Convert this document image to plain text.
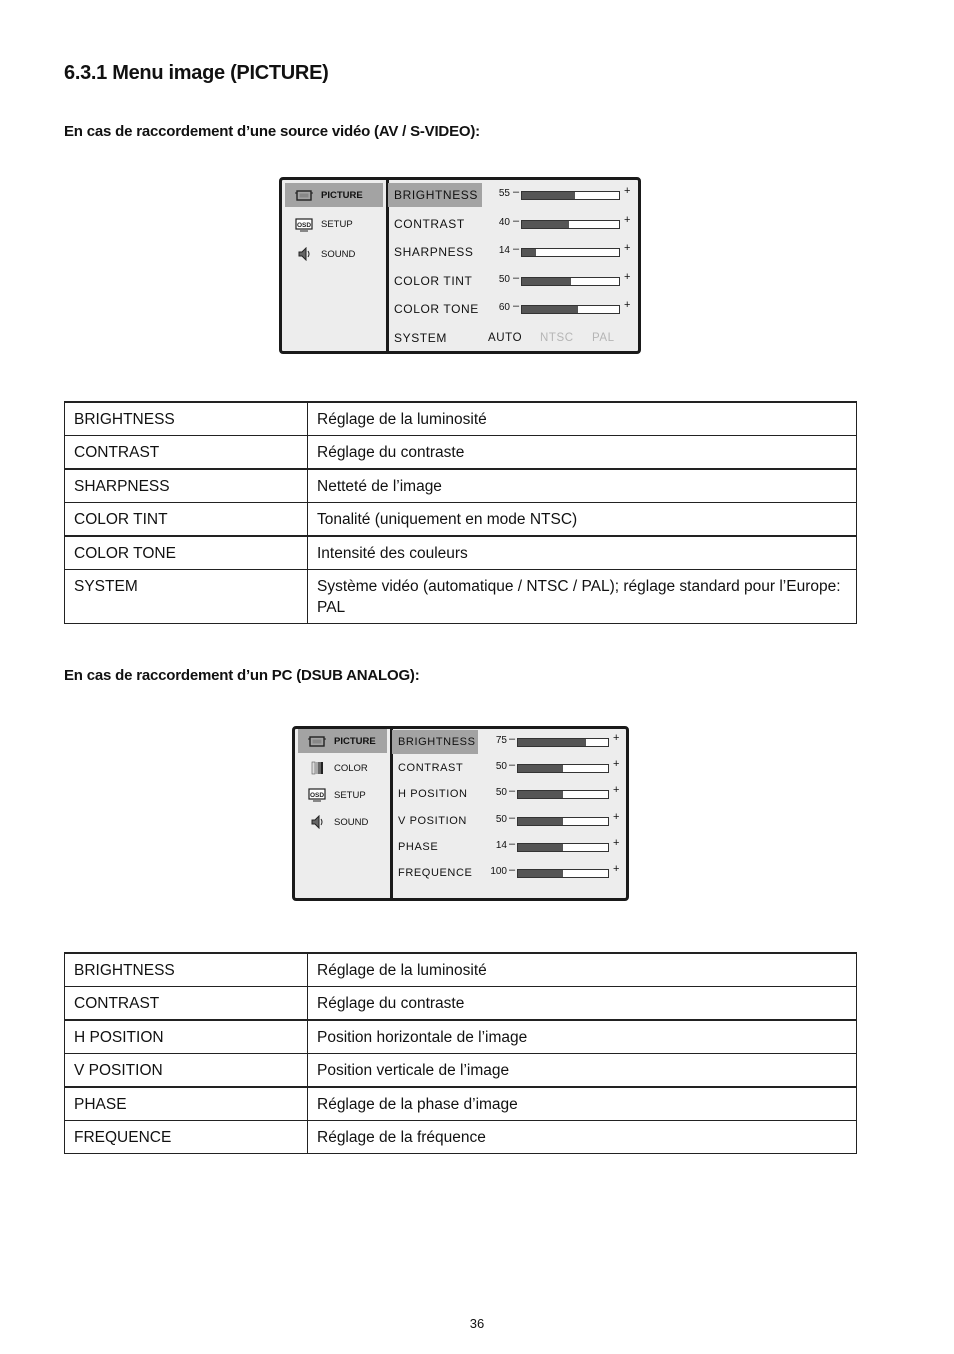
6.3.1 Menu image (PICTURE)
En cas de raccordement d’une source vidéo (AV / S-VIDEO):
PICTURE
OSD SETUP
SOUND
BRIGHTNESS	55 –	+
CONTRAST	40 –	+
SHARPNESS	14 –	+
COLOR TINT	50 –	+
COLOR TONE	60 –	+
SYSTEM	AUTO NTSC PAL
BRIGHTNESS	Réglage de la luminosité
CONTRAST	Réglage du contraste
SHARPNESS	Netteté de l’image
COLOR TINT	Tonalité (uniquement en mode NTSC)
COLOR TONE	Intensité des couleurs
SYSTEM	Système vidéo (automatique / NTSC / PAL); réglage standard pour l’Europe: PAL
En cas de raccordement d’un PC (DSUB ANALOG):
PICTURE
COLOR
OSD SETUP
SOUND
BRIGHTNESS	75 –	+
CONTRAST	50 –	+
H POSITION	50 –	+
V POSITION	50 –	+
PHASE	14 –	+
FREQUENCE	100 –	+
BRIGHTNESS	Réglage de la luminosité
CONTRAST	Réglage du contraste
H POSITION	Position horizontale de l’image
V POSITION	Position verticale de l’image
PHASE	Réglage de la phase d’image
FREQUENCE	Réglage de la fréquence
36
